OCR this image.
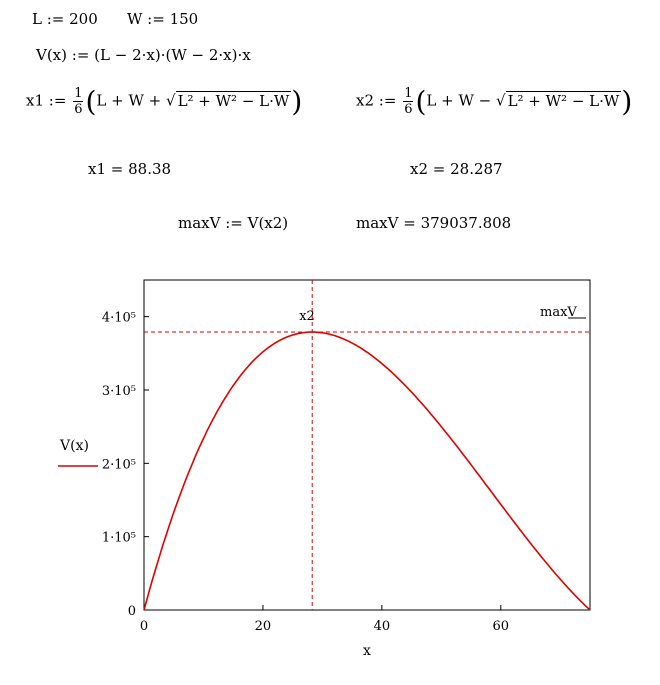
L := 200 W := 150
V(x) := (L − 2·x)·(W − 2·x)·x
x1 := $\frac{1}{6} (L + W$ + √ L² + W² − L·W)	x2 := $\frac{1}{6} (L + W$ − √ L² + W² − L·W)
x1 = 88.38	x2 = 28.287
maxV := V(x2)	maxV = 379037.808
0	20	40	60
0
1·10⁵
2·10⁵
3·10⁵
4·10⁵	x2	maxV
x
V(x)
